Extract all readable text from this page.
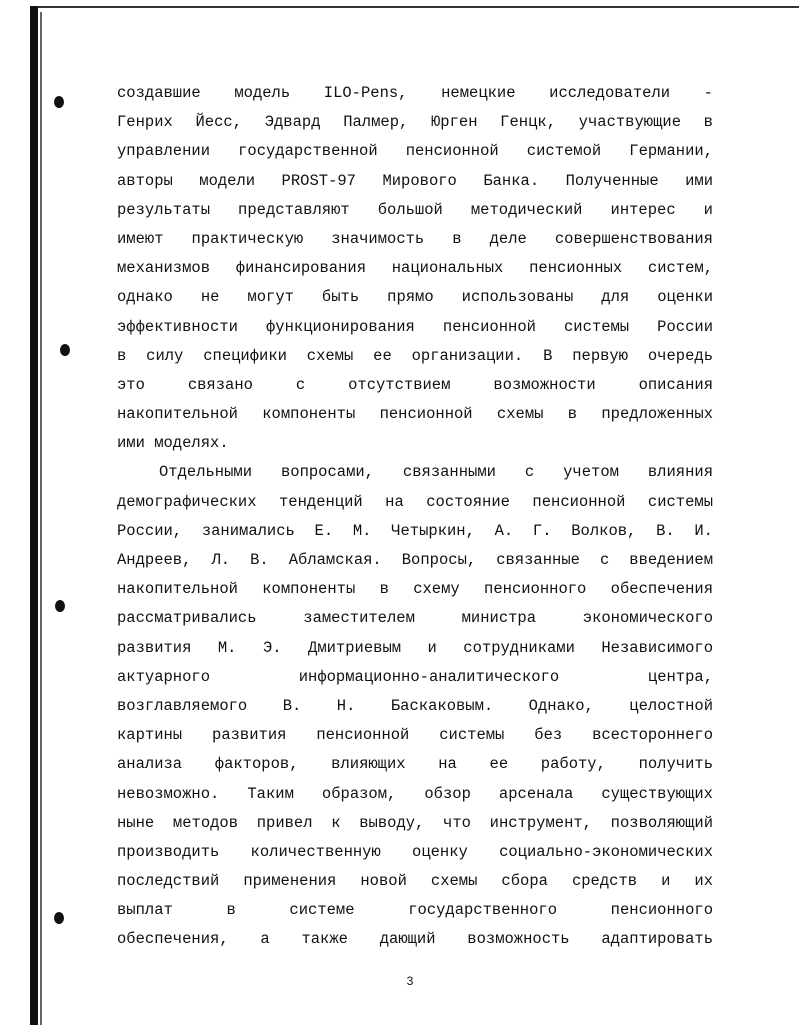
создавшие модель ILO-Pens, немецкие исследователи -
Генрих Йесс, Эдвард Палмер, Юрген Генцк, участвующие в
управлении государственной пенсионной системой Германии,
авторы модели PROST-97 Мирового Банка. Полученные ими
результаты представляют большой методический интерес и
имеют практическую значимость в деле совершенствования
механизмов финансирования национальных пенсионных систем,
однако не могут быть прямо использованы для оценки
эффективности функционирования пенсионной системы России
в силу специфики схемы ее организации. В первую очередь
это связано с отсутствием возможности описания
накопительной компоненты пенсионной схемы в предложенных
ими моделях.
Отдельными вопросами, связанными с учетом влияния
демографических тенденций на состояние пенсионной системы
России, занимались Е. М. Четыркин, А. Г. Волков, В. И.
Андреев, Л. В. Абламская. Вопросы, связанные с введением
накопительной компоненты в схему пенсионного обеспечения
рассматривались заместителем министра экономического
развития М. Э. Дмитриевым и сотрудниками Независимого
актуарного информационно-аналитического центра,
возглавляемого В. Н. Баскаковым. Однако, целостной
картины развития пенсионной системы без всестороннего
анализа факторов, влияющих на ее работу, получить
невозможно. Таким образом, обзор арсенала существующих
ныне методов привел к выводу, что инструмент, позволяющий
производить количественную оценку социально-экономических
последствий применения новой схемы сбора средств и их
выплат в системе государственного пенсионного
обеспечения, а также дающий возможность адаптировать
3
